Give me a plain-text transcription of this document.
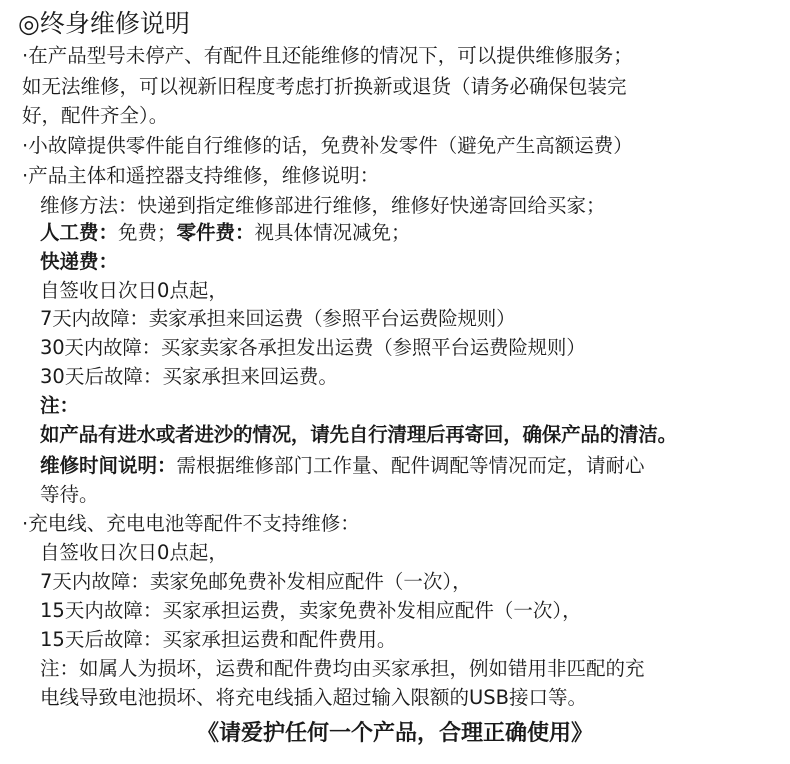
◎终身维修说明
·在产品型号未停产、有配件且还能维修的情况下，可以提供维修服务；
如无法维修，可以视新旧程度考虑打折换新或退货（请务必确保包装完
好，配件齐全）。
·小故障提供零件能自行维修的话，免费补发零件（避免产生高额运费）
·产品主体和遥控器支持维修，维修说明：
维修方法：快递到指定维修部进行维修，维修好快递寄回给买家；
人工费：免费；零件费：视具体情况减免；
快递费：
自签收日次日0点起，
7天内故障：卖家承担来回运费（参照平台运费险规则）
30天内故障：买家卖家各承担发出运费（参照平台运费险规则）
30天后故障：买家承担来回运费。
注：
如产品有进水或者进沙的情况，请先自行清理后再寄回，确保产品的清洁。
维修时间说明：需根据维修部门工作量、配件调配等情况而定，请耐心
等待。
·充电线、充电电池等配件不支持维修：
自签收日次日0点起，
7天内故障：卖家免邮免费补发相应配件（一次），
15天内故障：买家承担运费，卖家免费补发相应配件（一次），
15天后故障：买家承担运费和配件费用。
注：如属人为损坏，运费和配件费均由买家承担，例如错用非匹配的充
电线导致电池损坏、将充电线插入超过输入限额的USB接口等。
《请爱护任何一个产品，合理正确使用》
